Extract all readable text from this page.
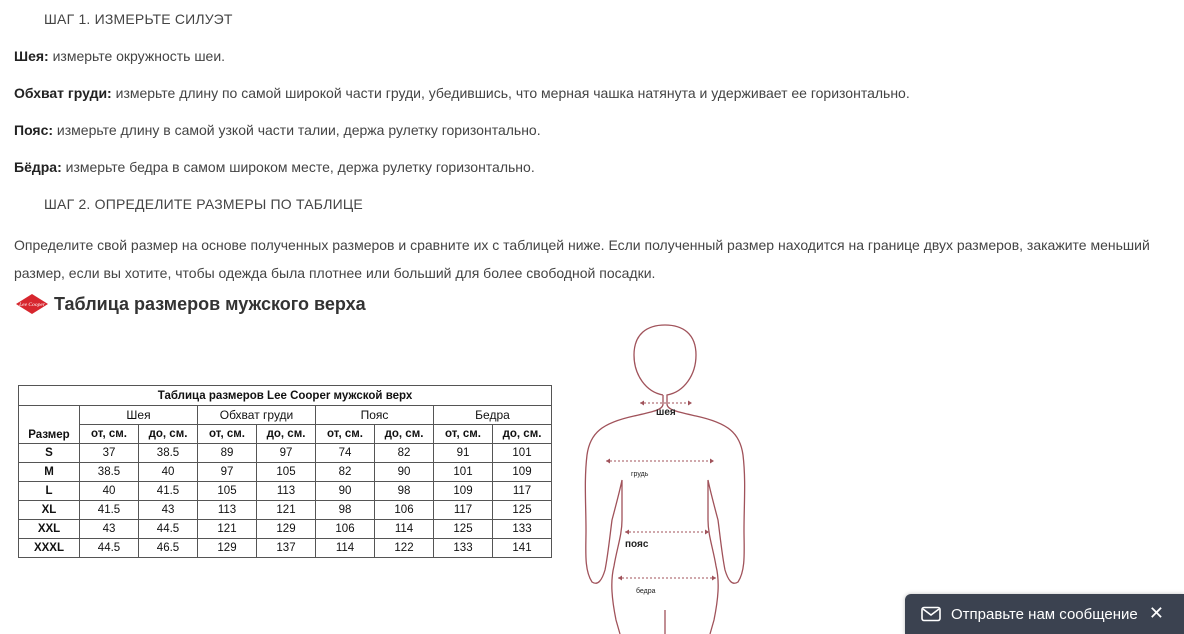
ШАГ 1. ИЗМЕРЬТЕ СИЛУЭТ
Шея: измерьте окружность шеи.
Обхват груди: измерьте длину по самой широкой части груди, убедившись, что мерная чашка натянута и удерживает ее горизонтально.
Пояс: измерьте длину в самой узкой части талии, держа рулетку горизонтально.
Бёдра: измерьте бедра в самом широком месте, держа рулетку горизонтально.
ШАГ 2. ОПРЕДЕЛИТЕ РАЗМЕРЫ ПО ТАБЛИЦЕ
Определите свой размер на основе полученных размеров и сравните их с таблицей ниже. Если полученный размер находится на границе двух размеров, закажите меньший размер, если вы хотите, чтобы одежда была плотнее или больший для более свободной посадки.
Lee Cooper Таблица размеров мужского верха
Таблица размеров Lee Cooper мужской верх								
Размер	Шея		Обхват груди		Пояс		Бедра	
	от, см.	до, см.	от, см.	до, см.	от, см.	до, см.	от, см.	до, см.
S	37	38.5	89	97	74	82	91	101
M	38.5	40	97	105	82	90	101	109
L	40	41.5	105	113	90	98	109	117
XL	41.5	43	113	121	98	106	117	125
XXL	43	44.5	121	129	106	114	125	133
XXXL	44.5	46.5	129	137	114	122	133	141
шея
грудь
пояс
бедра
Отправьте нам сообщение ✕
